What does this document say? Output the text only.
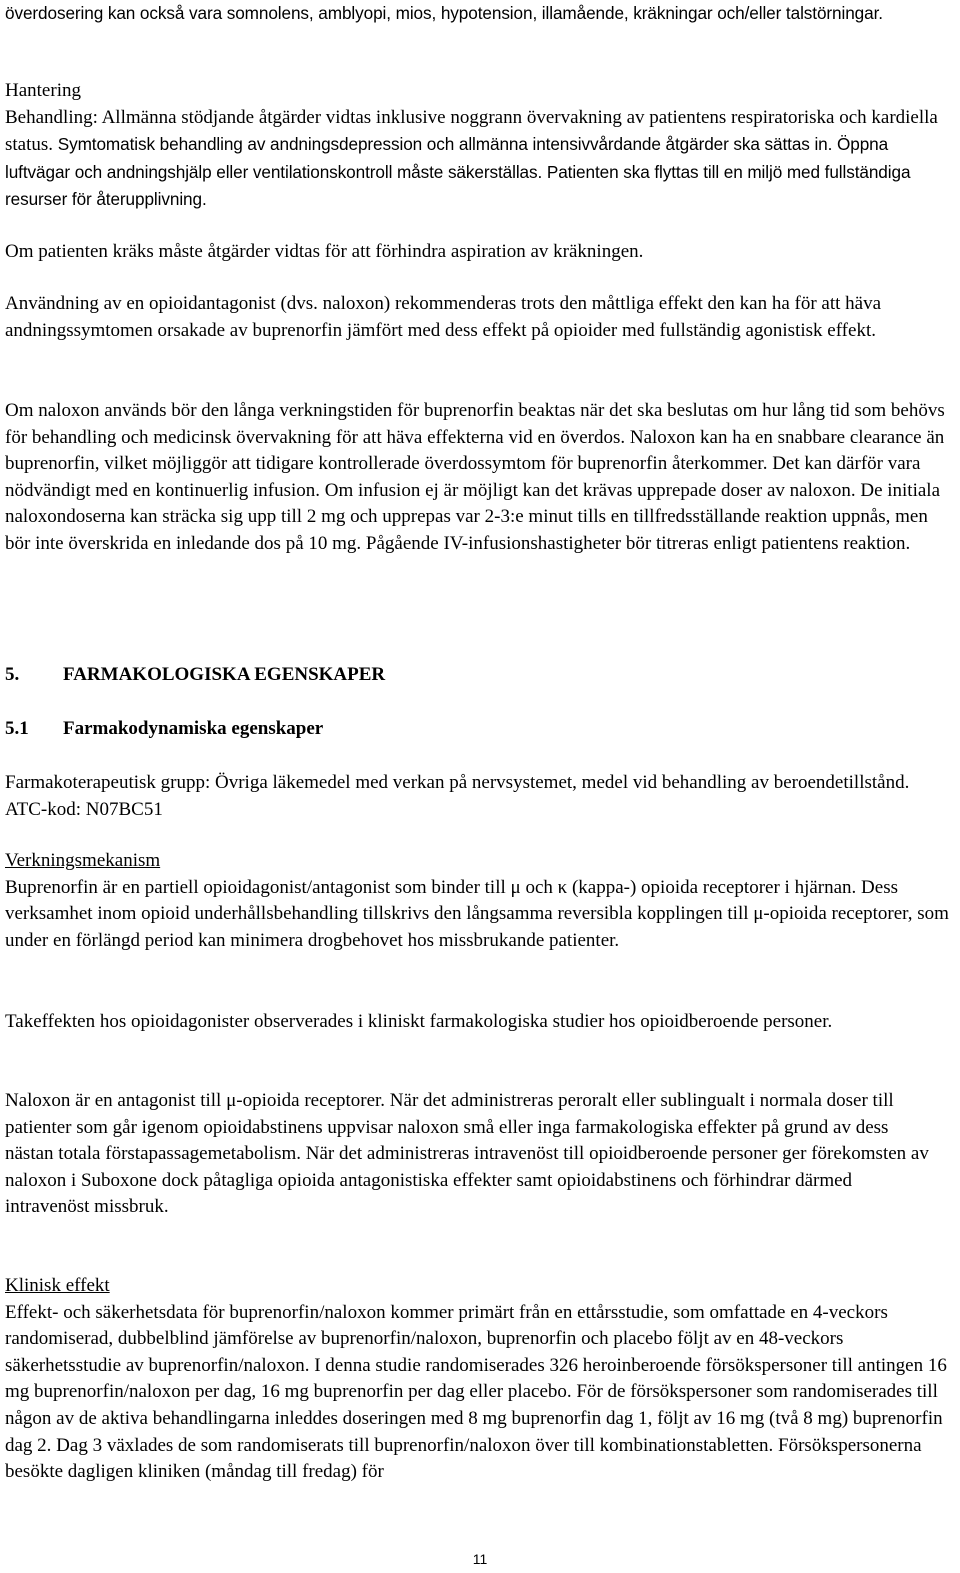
överdosering kan också vara somnolens, amblyopi, mios, hypotension, illamående, kräkningar och/eller talstörningar.

Hantering

Behandling: Allmänna stödjande åtgärder vidtas inklusive noggrann övervakning av patientens respiratoriska och kardiella status. Symtomatisk behandling av andningsdepression och allmänna intensivvårdande åtgärder ska sättas in. Öppna luftvägar och andningshjälp eller ventilationskontroll måste säkerställas. Patienten ska flyttas till en miljö med fullständiga resurser för återupplivning.

Om patienten kräks måste åtgärder vidtas för att förhindra aspiration av kräkningen.

Användning av en opioidantagonist (dvs. naloxon) rekommenderas trots den måttliga effekt den kan ha för att häva andningssymtomen orsakade av buprenorfin jämfört med dess effekt på opioider med fullständig agonistisk effekt.

Om naloxon används bör den långa verkningstiden för buprenorfin beaktas när det ska beslutas om hur lång tid som behövs för behandling och medicinsk övervakning för att häva effekterna vid en överdos. Naloxon kan ha en snabbare clearance än buprenorfin, vilket möjliggör att tidigare kontrollerade överdossymtom för buprenorfin återkommer. Det kan därför vara nödvändigt med en kontinuerlig infusion. Om infusion ej är möjligt kan det krävas upprepade doser av naloxon. De initiala naloxondoserna kan sträcka sig upp till 2 mg och upprepas var 2-3:e minut tills en tillfredsställande reaktion uppnås, men bör inte överskrida en inledande dos på 10 mg. Pågående IV-infusionshastigheter bör titreras enligt patientens reaktion.

5. FARMAKOLOGISKA EGENSKAPER

5.1 Farmakodynamiska egenskaper

Farmakoterapeutisk grupp: Övriga läkemedel med verkan på nervsystemet, medel vid behandling av beroendetillstånd. ATC-kod: N07BC51

Verkningsmekanism

Buprenorfin är en partiell opioidagonist/antagonist som binder till μ och κ (kappa-) opioida receptorer i hjärnan. Dess verksamhet inom opioid underhållsbehandling tillskrivs den långsamma reversibla kopplingen till μ-opioida receptorer, som under en förlängd period kan minimera drogbehovet hos missbrukande patienter.

Takeffekten hos opioidagonister observerades i kliniskt farmakologiska studier hos opioidberoende personer.

Naloxon är en antagonist till μ-opioida receptorer. När det administreras peroralt eller sublingualt i normala doser till patienter som går igenom opioidabstinens uppvisar naloxon små eller inga farmakologiska effekter på grund av dess nästan totala förstapassagemetabolism. När det administreras intravenöst till opioidberoende personer ger förekomsten av naloxon i Suboxone dock påtagliga opioida antagonistiska effekter samt opioidabstinens och förhindrar därmed intravenöst missbruk.

Klinisk effekt

Effekt- och säkerhetsdata för buprenorfin/naloxon kommer primärt från en ettårsstudie, som omfattade en 4-veckors randomiserad, dubbelblind jämförelse av buprenorfin/naloxon, buprenorfin och placebo följt av en 48-veckors säkerhetsstudie av buprenorfin/naloxon. I denna studie randomiserades 326 heroinberoende försökspersoner till antingen 16 mg buprenorfin/naloxon per dag, 16 mg buprenorfin per dag eller placebo. För de försökspersoner som randomiserades till någon av de aktiva behandlingarna inleddes doseringen med 8 mg buprenorfin dag 1, följt av 16 mg (två 8 mg) buprenorfin dag 2. Dag 3 växlades de som randomiserats till buprenorfin/naloxon över till kombinationstabletten. Försökspersonerna besökte dagligen kliniken (måndag till fredag) för

11
